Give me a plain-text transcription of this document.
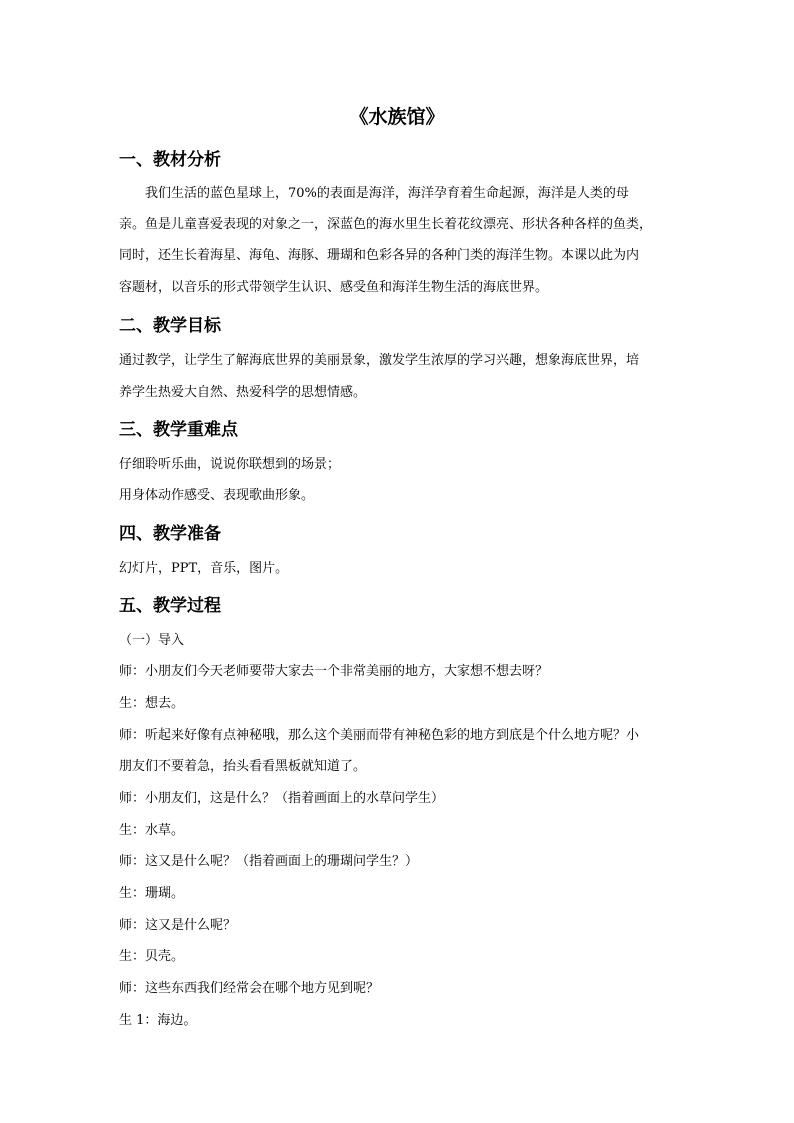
《水族馆》
一、教材分析

我们生活的蓝色星球上，70%的表面是海洋，海洋孕育着生命起源，海洋是人类的母

亲。鱼是儿童喜爱表现的对象之一，深蓝色的海水里生长着花纹漂亮、形状各种各样的鱼类，

同时，还生长着海星、海龟、海豚、珊瑚和色彩各异的各种门类的海洋生物。本课以此为内

容题材，以音乐的形式带领学生认识、感受鱼和海洋生物生活的海底世界。

二、教学目标

通过教学，让学生了解海底世界的美丽景象，激发学生浓厚的学习兴趣，想象海底世界，培

养学生热爱大自然、热爱科学的思想情感。

三、教学重难点

仔细聆听乐曲，说说你联想到的场景；

用身体动作感受、表现歌曲形象。

四、教学准备

幻灯片，PPT，音乐，图片。

五、教学过程

（一）导入

师：小朋友们今天老师要带大家去一个非常美丽的地方，大家想不想去呀？

生：想去。

师：听起来好像有点神秘哦，那么这个美丽而带有神秘色彩的地方到底是个什么地方呢？小

朋友们不要着急，抬头看看黑板就知道了。

师：小朋友们，这是什么？（指着画面上的水草问学生）

生：水草。

师：这又是什么呢？（指着画面上的珊瑚问学生？）

生：珊瑚。

师：这又是什么呢？

生：贝壳。

师：这些东西我们经常会在哪个地方见到呢？

生 1：海边。
